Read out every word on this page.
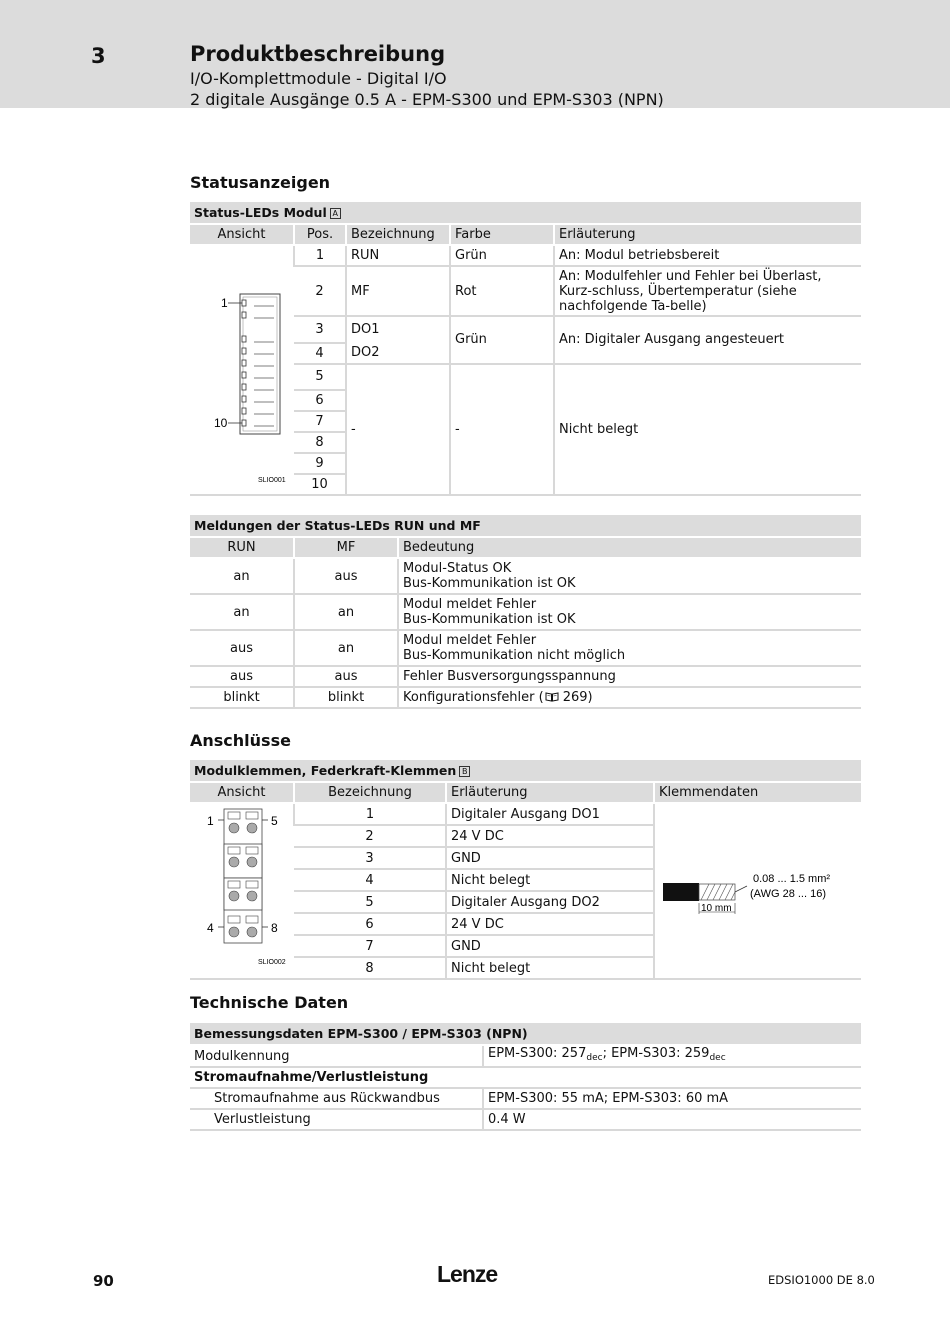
3	Produktbeschreibung
I/O-Komplettmodule - Digital I/O
2 digitale Ausgänge 0.5 A - EPM-S300 und EPM-S303 (NPN)
Statusanzeigen
Status-LEDs Modul A				
Ansicht	Pos.	Bezeichnung	Farbe	Erläuterung

1
10
SLIO001	1	RUN	Grün	An: Modul betriebsbereit
	2	MF	Rot	An: Modulfehler und Fehler bei Überlast, Kurz-schluss, Übertemperatur (siehe nachfolgende Ta-belle)
	3	DO1	Grün	An: Digitaler Ausgang angesteuert
	4	DO2		
	5	-	-	Nicht belegt
	6			
	7			
	8			
	9			
	10			
Meldungen der Status-LEDs RUN und MF		
RUN	MF	Bedeutung
an	aus	Modul-Status OK
Bus-Kommunikation ist OK

an	an	Modul meldet Fehler
Bus-Kommunikation ist OK

aus	an	Modul meldet Fehler
Bus-Kommunikation nicht möglich

aus	aus	Fehler Busversorgungsspannung
blinkt	blinkt	Konfigurationsfehler ( 269)
Anschlüsse
Modulklemmen, Federkraft-Klemmen B			
Ansicht	Bezeichnung	Erläuterung	Klemmendaten

1 5
4 8
SLIO002	1	Digitaler Ausgang DO1	10 mm
0.08 ... 1.5 mm²
(AWG 28 ... 16)

	2	24 V DC	
	3	GND	
	4	Nicht belegt	
	5	Digitaler Ausgang DO2	
	6	24 V DC	
	7	GND	
	8	Nicht belegt	
Technische Daten
Bemessungsdaten EPM-S300 / EPM-S303 (NPN)	
Modulkennung	EPM-S300: $257_{dec}$; EPM-S303: $259_{dec}$
Stromaufnahme/Verlustleistung	
Stromaufnahme aus Rückwandbus	EPM-S300: 55 mA; EPM-S303: 60 mA
Verlustleistung	0.4 W
90	Lenze	EDSIO1000 DE 8.0
